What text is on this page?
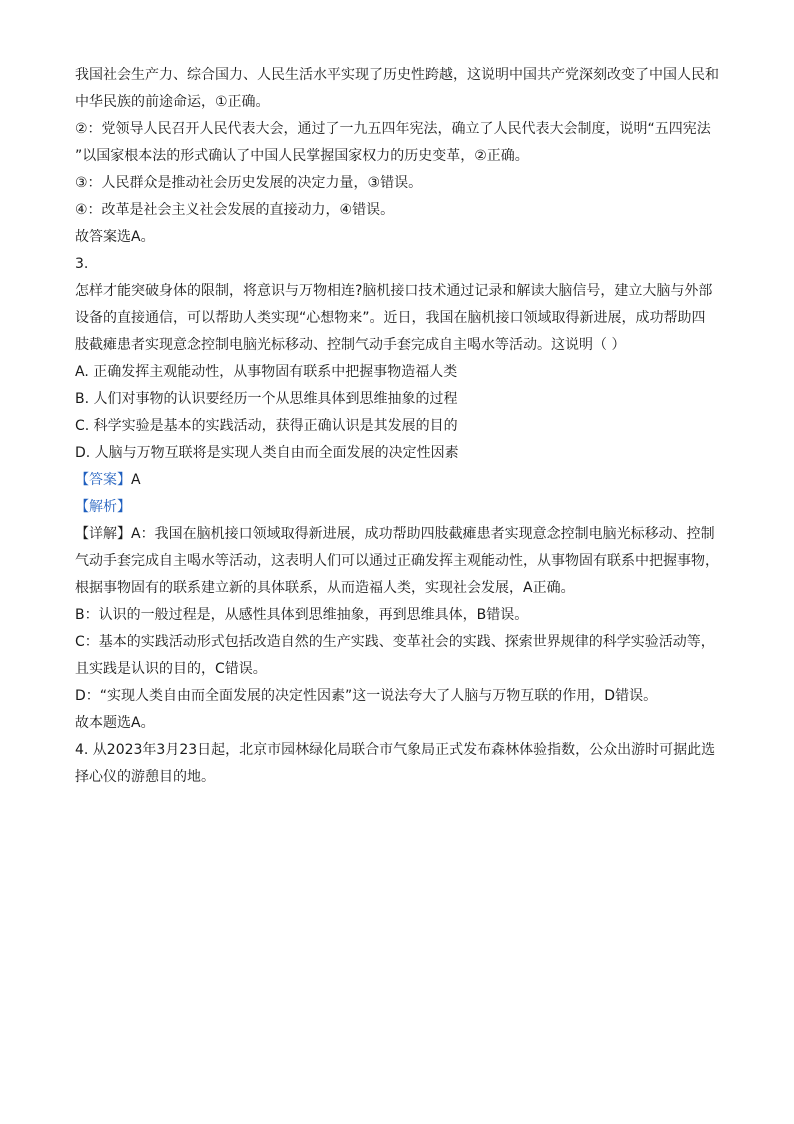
我国社会生产力、综合国力、人民生活水平实现了历史性跨越，这说明中国共产党深刻改变了中国人民和
中华民族的前途命运，①正确。
②：党领导人民召开人民代表大会，通过了一九五四年宪法，确立了人民代表大会制度，说明“五四宪法
”以国家根本法的形式确认了中国人民掌握国家权力的历史变革，②正确。
③：人民群众是推动社会历史发展的决定力量，③错误。
④：改革是社会主义社会发展的直接动力，④错误。
故答案选A。
3.
怎样才能突破身体的限制，将意识与万物相连?脑机接口技术通过记录和解读大脑信号，建立大脑与外部
设备的直接通信，可以帮助人类实现“心想物来”。近日，我国在脑机接口领域取得新进展，成功帮助四
肢截瘫患者实现意念控制电脑光标移动、控制气动手套完成自主喝水等活动。这说明（ ）
A. 正确发挥主观能动性，从事物固有联系中把握事物造福人类
B. 人们对事物的认识要经历一个从思维具体到思维抽象的过程
C. 科学实验是基本的实践活动，获得正确认识是其发展的目的
D. 人脑与万物互联将是实现人类自由而全面发展的决定性因素
【答案】A
【解析】
【详解】A：我国在脑机接口领域取得新进展，成功帮助四肢截瘫患者实现意念控制电脑光标移动、控制
气动手套完成自主喝水等活动，这表明人们可以通过正确发挥主观能动性，从事物固有联系中把握事物，
根据事物固有的联系建立新的具体联系，从而造福人类，实现社会发展，A正确。
B：认识的一般过程是，从感性具体到思维抽象，再到思维具体，B错误。
C：基本的实践活动形式包括改造自然的生产实践、变革社会的实践、探索世界规律的科学实验活动等，
且实践是认识的目的，C错误。
D：“实现人类自由而全面发展的决定性因素”这一说法夸大了人脑与万物互联的作用，D错误。
故本题选A。
4. 从2023年3月23日起，北京市园林绿化局联合市气象局正式发布森林体验指数，公众出游时可据此选
择心仪的游憩目的地。
